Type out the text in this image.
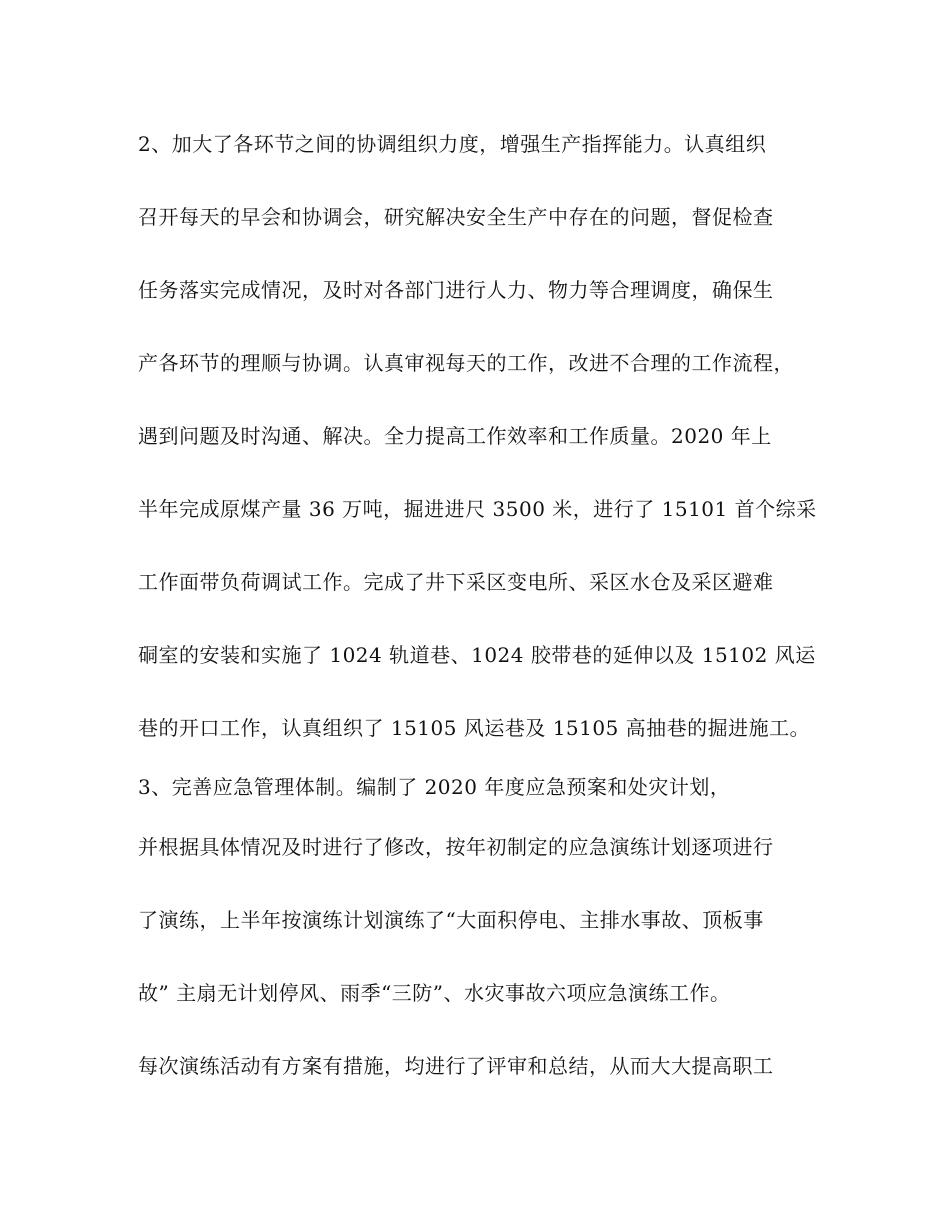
2、加大了各环节之间的协调组织力度，增强生产指挥能力。认真组织
召开每天的早会和协调会，研究解决安全生产中存在的问题，督促检查
任务落实完成情况，及时对各部门进行人力、物力等合理调度，确保生
产各环节的理顺与协调。认真审视每天的工作，改进不合理的工作流程，
遇到问题及时沟通、解决。全力提高工作效率和工作质量。2020 年上
半年完成原煤产量 36 万吨，掘进进尺 3500 米，进行了 15101 首个综采
工作面带负荷调试工作。完成了井下采区变电所、采区水仓及采区避难
硐室的安装和实施了 1024 轨道巷、1024 胶带巷的延伸以及 15102 风运
巷的开口工作，认真组织了 15105 风运巷及 15105 高抽巷的掘进施工。
3、完善应急管理体制。编制了 2020 年度应急预案和处灾计划，
并根据具体情况及时进行了修改，按年初制定的应急演练计划逐项进行
了演练，上半年按演练计划演练了“大面积停电、主排水事故、顶板事
故” 主扇无计划停风、雨季“三防”、水灾事故六项应急演练工作。
每次演练活动有方案有措施，均进行了评审和总结，从而大大提高职工
